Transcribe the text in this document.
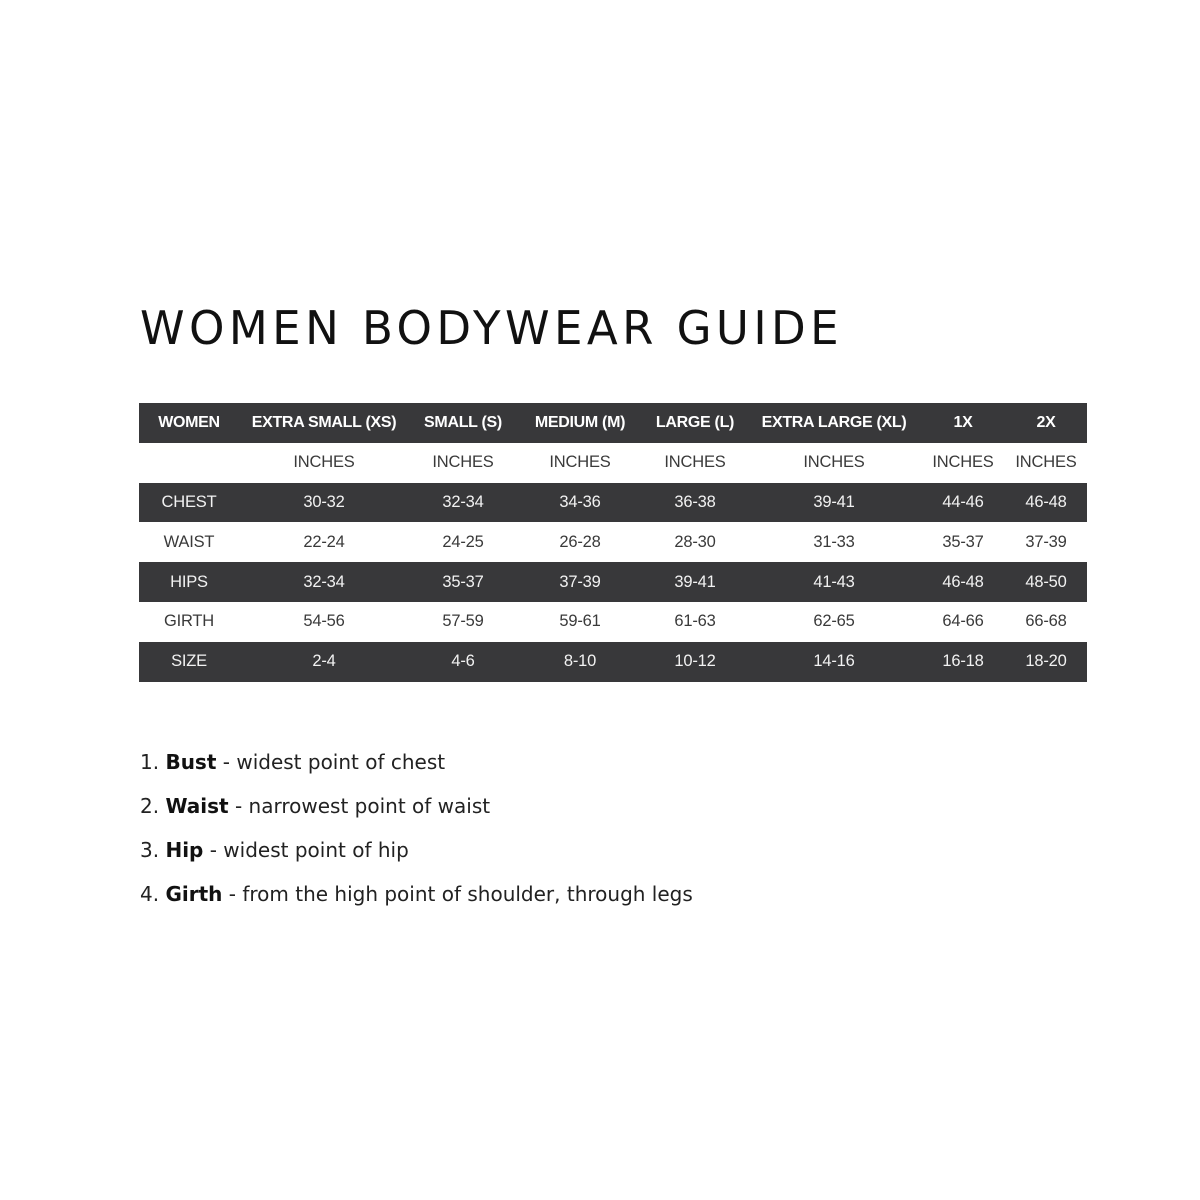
WOMEN BODYWEAR GUIDE
WOMEN	EXTRA SMALL (XS)	SMALL (S)	MEDIUM (M)	LARGE (L)	EXTRA LARGE (XL)	1X	2X
	INCHES	INCHES	INCHES	INCHES	INCHES	INCHES	INCHES
CHEST	30-32	32-34	34-36	36-38	39-41	44-46	46-48
WAIST	22-24	24-25	26-28	28-30	31-33	35-37	37-39
HIPS	32-34	35-37	37-39	39-41	41-43	46-48	48-50
GIRTH	54-56	57-59	59-61	61-63	62-65	64-66	66-68
SIZE	2-4	4-6	8-10	10-12	14-16	16-18	18-20
1. Bust - widest point of chest
2. Waist - narrowest point of waist
3. Hip - widest point of hip
4. Girth - from the high point of shoulder, through legs
